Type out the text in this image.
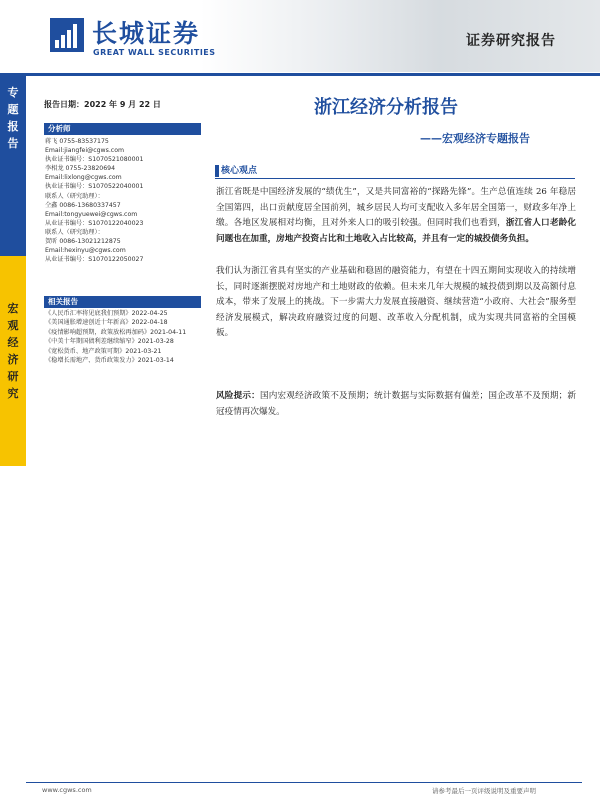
长城证券
GREAT WALL SECURITIES
证券研究报告
专题报告
宏观经济研究
报告日期：2022 年 9 月 22 日	浙江经济分析报告
——宏观经济专题报告
分析师
蒋飞 0755-83537175
Email:jiangfei@cgws.com
执业证书编号：S1070521080001
李相龙 0755-23820694
Email:lixlong@cgws.com
执业证书编号：S1070522040001
联系人（研究助理）：
仝鑫 0086-13680337457
Email:tongyuewei@cgws.com
从业证书编号：S1070122040023
联系人（研究助理）：
贺昕 0086-13021212875
Email:hexinyu@cgws.com
从业证书编号：S1070122050027
相关报告
《人民币汇率将见底我们预期》2022-04-25
《美国通胀增速创近十年新高》2022-04-18
《疫情影响超预期，政策放松再加码》2021-04-11
《中美十年期国债利差继续缩窄》2021-03-28
《宽松货币、地产政策可期》2021-03-21
《稳增长需地产、货币政策发力》2021-03-14
核心观点
浙江省既是中国经济发展的“绩优生”，又是共同富裕的“探路先锋”。生产总值连续 26 年稳居全国第四，出口贡献度居全国前列，城乡居民人均可支配收入多年居全国第一，财政多年净上缴。各地区发展相对均衡，且对外来人口的吸引较强。但同时我们也看到，浙江省人口老龄化问题也在加重，房地产投资占比和土地收入占比较高，并且有一定的城投债务负担。
我们认为浙江省具有坚实的产业基础和稳固的融资能力，有望在十四五期间实现收入的持续增长，同时逐渐摆脱对房地产和土地财政的依赖。但未来几年大规模的城投债到期以及高额付息成本，带来了发展上的挑战。下一步需大力发展直接融资、继续营造“小政府、大社会”服务型经济发展模式，解决政府融资过度的问题、改革收入分配机制，成为实现共同富裕的全国模板。
风险提示：国内宏观经济政策不及预期；统计数据与实际数据有偏差；国企改革不及预期；新冠疫情再次爆发。
www.cgws.com	请参考最后一页评级说明及重要声明
